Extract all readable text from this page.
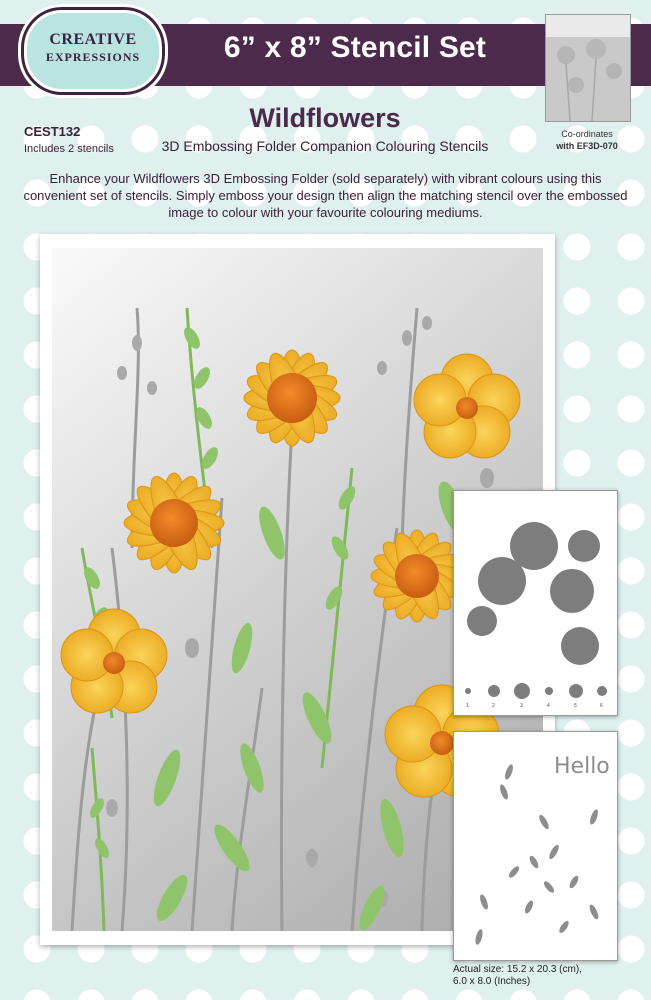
6” x 8” Stencil Set
CREATIVE
EXPRESSIONS
CEST132
Includes 2 stencils
Wildflowers
3D Embossing Folder Companion Colouring Stencils
Co-ordinates
with EF3D-070
Enhance your Wildflowers 3D Embossing Folder (sold separately) with vibrant colours using this convenient set of stencils. Simply emboss your design then align the matching stencil over the embossed image to colour with your favourite colouring mediums.
1	2	3	4	5	6
Hello
Actual size: 15.2 x 20.3 (cm),
6.0 x 8.0 (Inches)
